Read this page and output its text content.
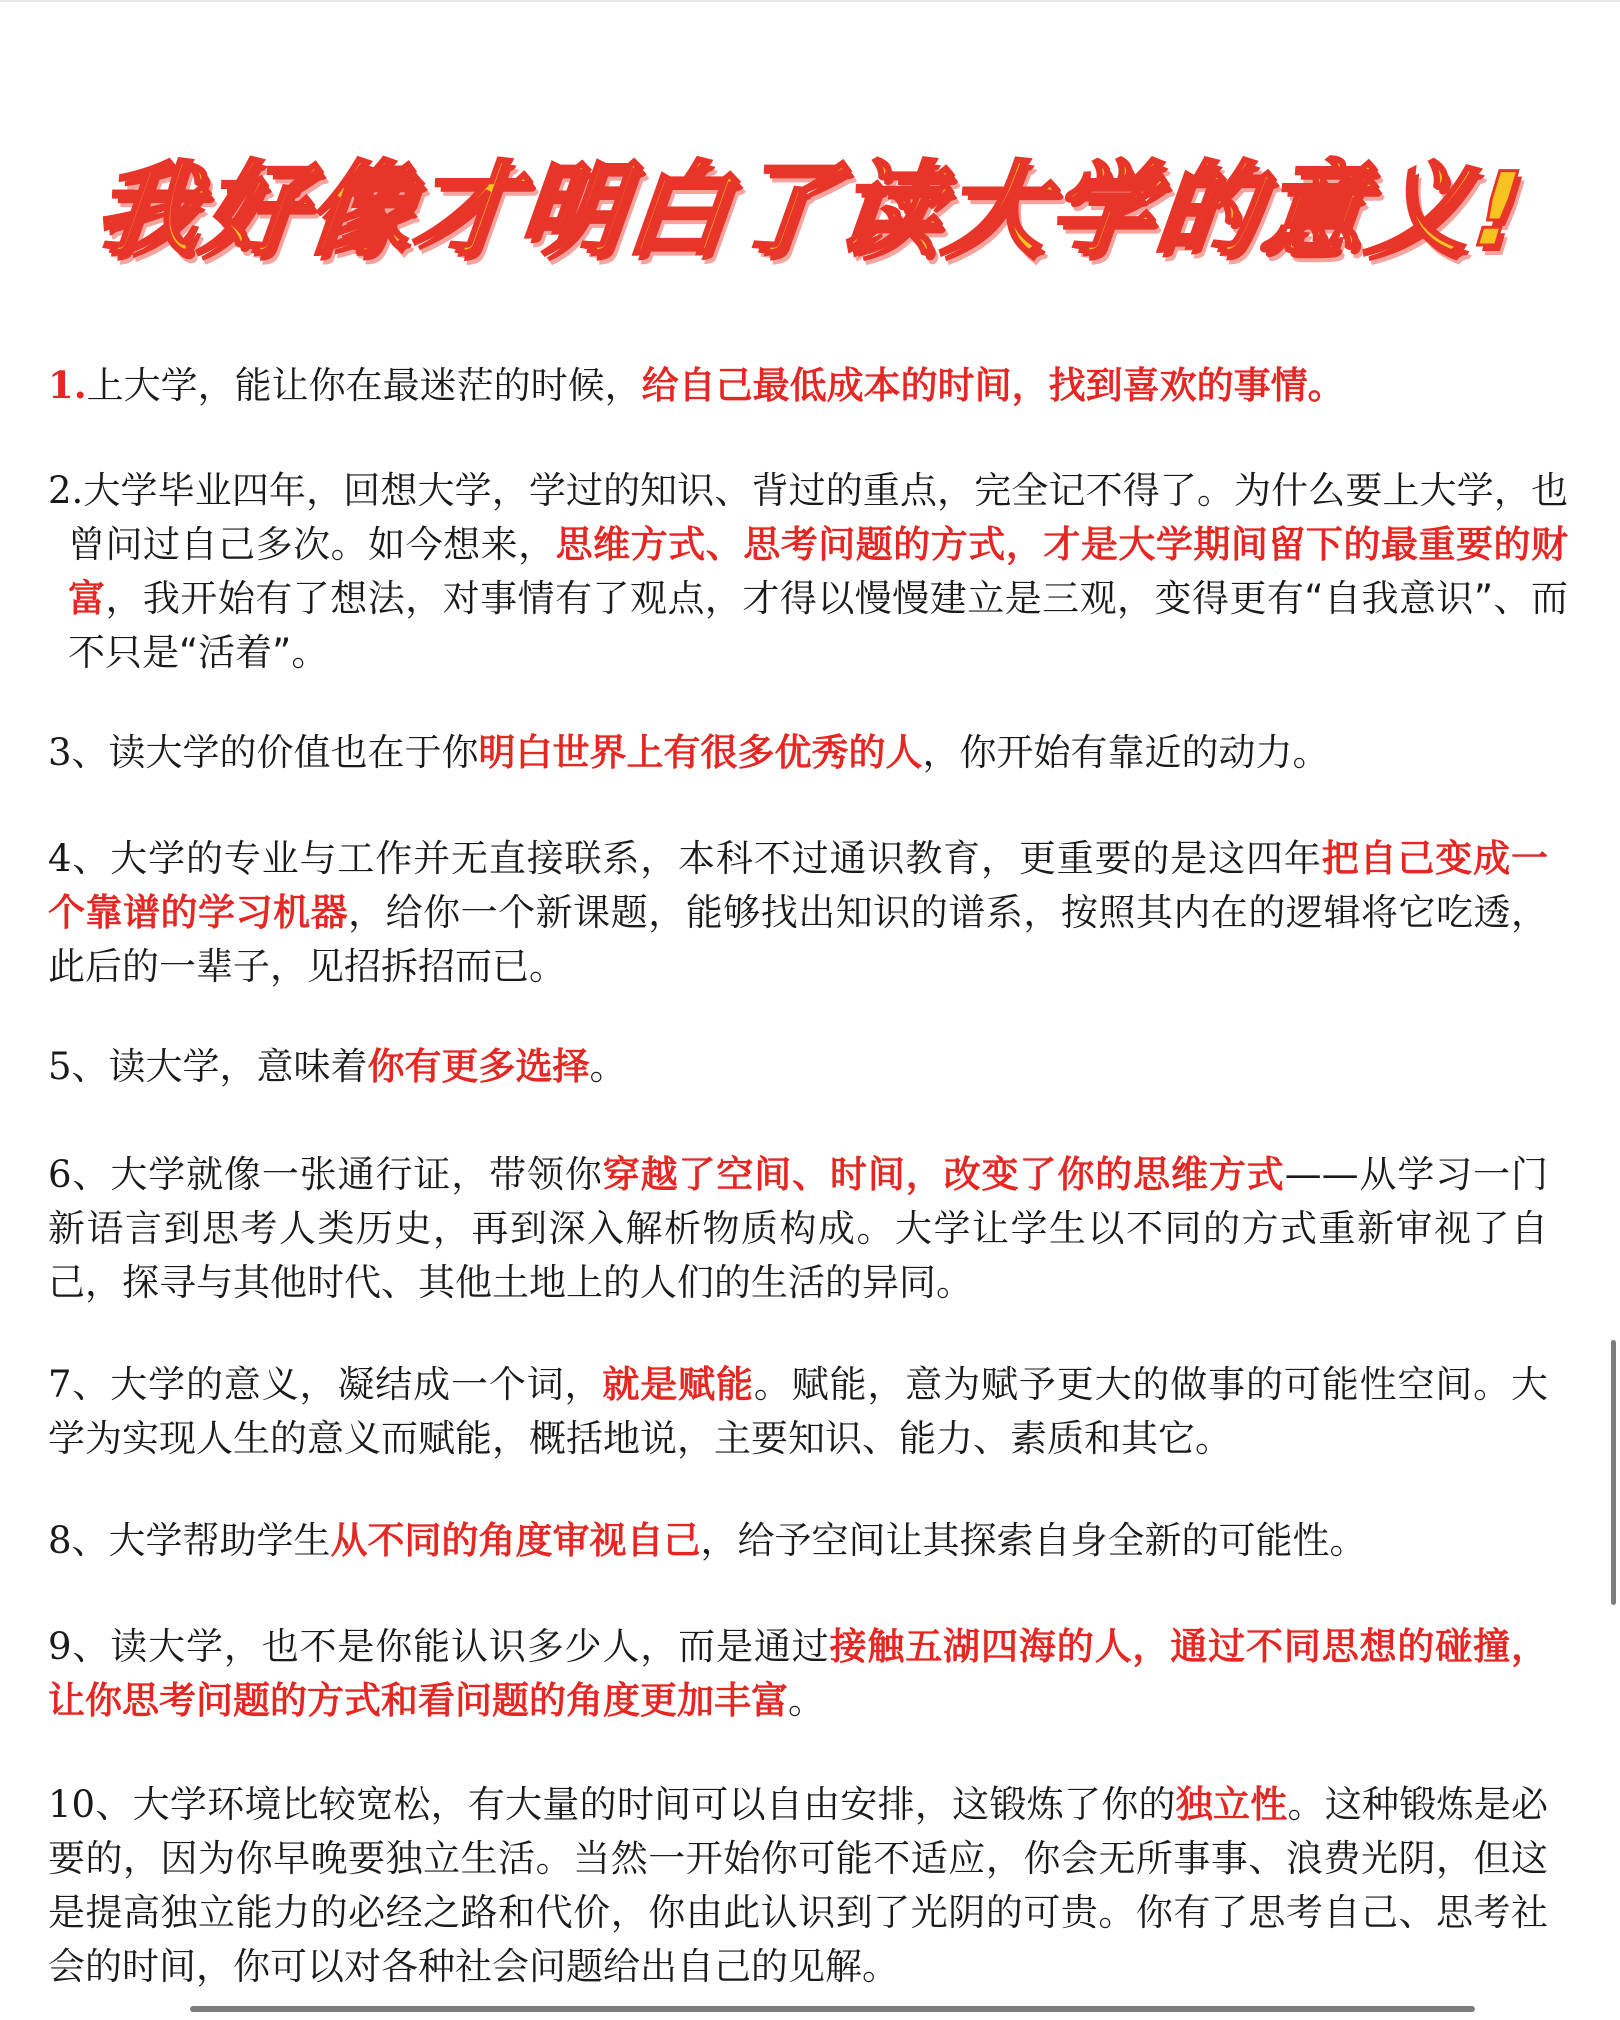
我好像才明白了读大学的意义!

1.上大学，能让你在最迷茫的时候，给自己最低成本的时间，找到喜欢的事情。

2.大学毕业四年，回想大学，学过的知识、背过的重点，完全记不得了。为什么要上大学，也曾问过自己多次。如今想来，思维方式、思考问题的方式，才是大学期间留下的最重要的财富，我开始有了想法，对事情有了观点，才得以慢慢建立是三观，变得更有“自我意识”、而不只是“活着”。

3、读大学的价值也在于你明白世界上有很多优秀的人，你开始有靠近的动力。

4、大学的专业与工作并无直接联系，本科不过通识教育，更重要的是这四年把自己变成一个靠谱的学习机器，给你一个新课题，能够找出知识的谱系，按照其内在的逻辑将它吃透，此后的一辈子，见招拆招而已。

5、读大学，意味着你有更多选择。

6、大学就像一张通行证，带领你穿越了空间、时间，改变了你的思维方式——从学习一门新语言到思考人类历史，再到深入解析物质构成。大学让学生以不同的方式重新审视了自己，探寻与其他时代、其他土地上的人们的生活的异同。

7、大学的意义，凝结成一个词，就是赋能。赋能，意为赋予更大的做事的可能性空间。大学为实现人生的意义而赋能，概括地说，主要知识、能力、素质和其它。

8、大学帮助学生从不同的角度审视自己，给予空间让其探索自身全新的可能性。

9、读大学，也不是你能认识多少人，而是通过接触五湖四海的人，通过不同思想的碰撞，让你思考问题的方式和看问题的角度更加丰富。

10、大学环境比较宽松，有大量的时间可以自由安排，这锻炼了你的独立性。这种锻炼是必要的，因为你早晚要独立生活。当然一开始你可能不适应，你会无所事事、浪费光阴，但这是提高独立能力的必经之路和代价，你由此认识到了光阴的可贵。你有了思考自己、思考社会的时间，你可以对各种社会问题给出自己的见解。
